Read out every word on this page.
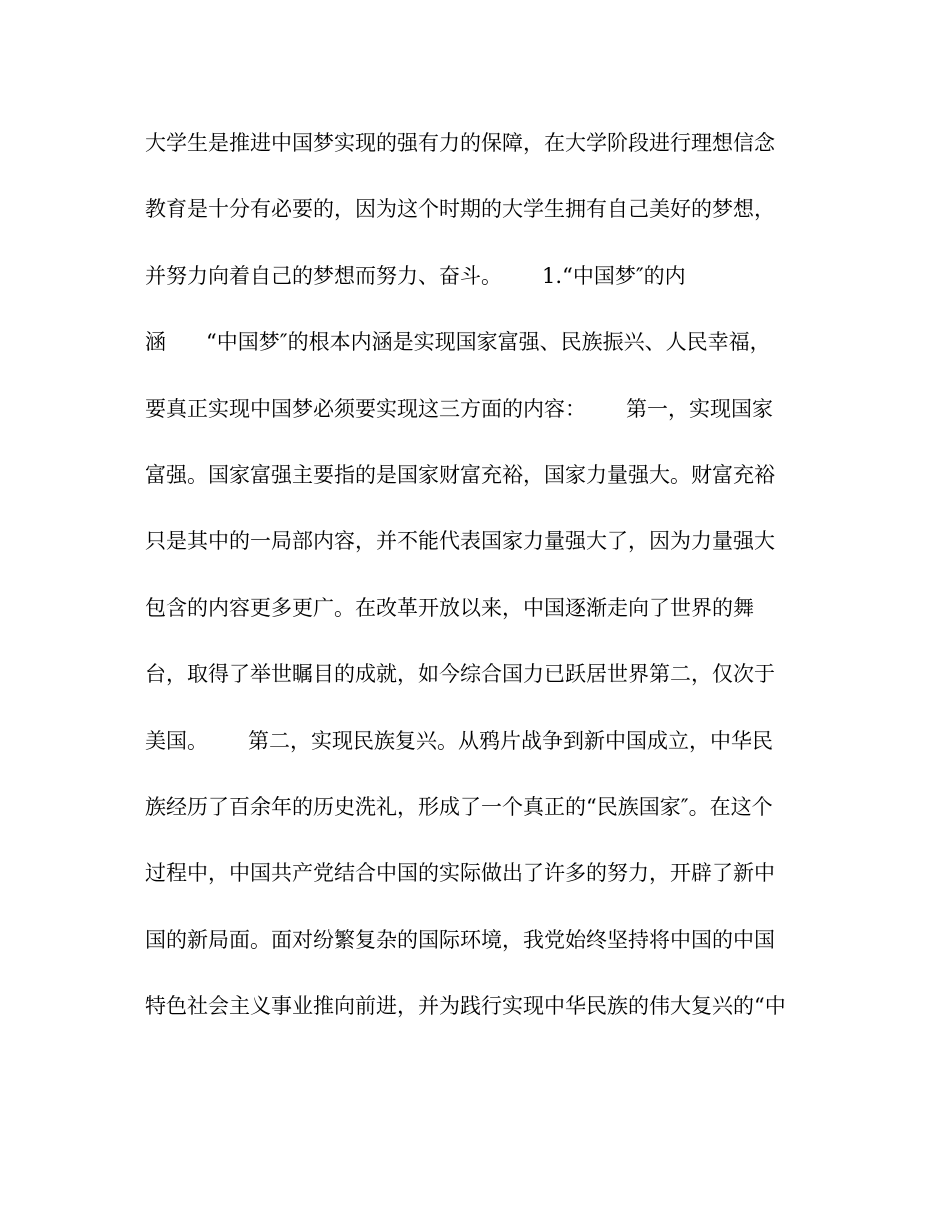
大学生是推进中国梦实现的强有力的保障，在大学阶段进行理想信念
教育是十分有必要的，因为这个时期的大学生拥有自己美好的梦想，
并努力向着自己的梦想而努力、奋斗。      1.“中国梦″的内
涵      “中国梦″的根本内涵是实现国家富强、民族振兴、人民幸福，
要真正实现中国梦必须要实现这三方面的内容：      第一，实现国家
富强。国家富强主要指的是国家财富充裕，国家力量强大。财富充裕
只是其中的一局部内容，并不能代表国家力量强大了，因为力量强大
包含的内容更多更广。在改革开放以来，中国逐渐走向了世界的舞
台，取得了举世瞩目的成就，如今综合国力已跃居世界第二，仅次于
美国。      第二，实现民族复兴。从鸦片战争到新中国成立，中华民
族经历了百余年的历史洗礼，形成了一个真正的“民族国家″。在这个
过程中，中国共产党结合中国的实际做出了许多的努力，开辟了新中
国的新局面。面对纷繁复杂的国际环境，我党始终坚持将中国的中国
特色社会主义事业推向前进，并为践行实现中华民族的伟大复兴的“中
